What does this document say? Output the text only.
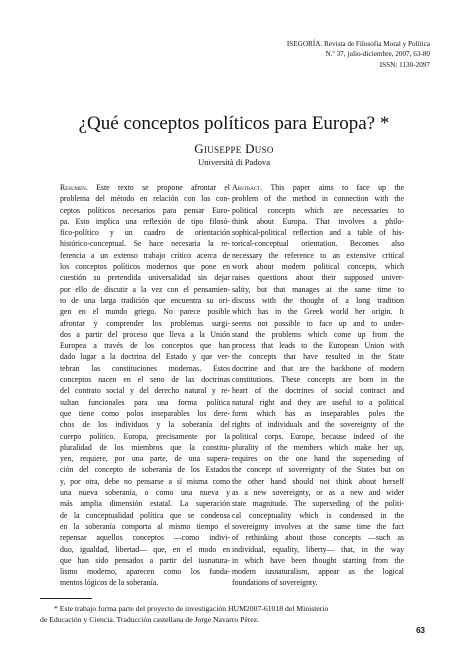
ISEGORÍA. Revista de Filosofía Moral y Política
N.º 37, julio-diciembre, 2007, 63-80
ISSN: 1130-2097
¿Qué conceptos políticos para Europa? *
Giuseppe Duso
Università di Padova
Resumen. Este texto se propone afrontar el
problema del método en relación con los con-
ceptos políticos necesarios para pensar Euro-
pa. Esto implica una reflexión de tipo filosó-
fico-político y un cuadro de orientación
histórico-conceptual. Se hace necesaria la re-
ferencia a un extenso trabajo crítico acerca de
los conceptos políticos modernos que pone en
cuestión su pretendida universalidad sin dejar
por ello de discutir a la vez con el pensamien-
to de una larga tradición que encuentra su ori-
gen en el mundo griego. No parece posible
afrontar y comprender los problemas surgi-
dos a partir del proceso que lleva a la Unión
Europea a través de los conceptos que han
dado lugar a la doctrina del Estado y que ver-
tebran las constituciones modernas. Estos
conceptos nacen en el seno de las doctrinas
del contrato social y del derecho natural y re-
sultan funcionales para una forma política
que tiene como polos inseparables los dere-
chos de los individuos y la soberanía del
cuerpo político. Europa, precisamente por la
pluralidad de los miembros que la constitu-
yen, requiere, por una parte, de una supera-
ción del concepto de soberanía de los Estados
y, por otra, debe no pensarse a sí misma como
una nueva soberanía, o como una nueva y
más amplia dimensión estatal. La superación
de la conceptualidad política que se condensa
en la soberanía comporta al mismo tiempo el
repensar aquellos conceptos —como indivi-
duo, igualdad, libertad— que, en el modo en
que han sido pensados a partir del iusnatura-
lismo moderno, aparecen como los funda-
mentos lógicos de la soberanía.
Abstract. This paper aims to face up the
problem of the method in connection with the
political concepts which are necessaries to
think about Europa. That involves a philo-
sophical-political reflection and a table of his-
torical-conceptual orientation. Becomes also
necessary the reference to an extensive critical
work about modern political concepts, which
raises questions about their supposed univer-
sality, but that manages at the same time to
discuss with the thought of a long tradition
which has in the Greek world her origin. It
seems not possible to face up and to under-
stand the problems which come up from the
process that leads to the European Union with
the concepts that have resulted in the State
doctrine and that are the backbone of modern
constitutions. These concepts are born in the
heart of the doctrines of social contract and
natural right and they are useful to a political
form which has as inseparables poles the
rights of individuals and the sovereignty of the
political corps. Europe, because indeed of the
plurality of the members which make her up,
requires on the one hand the superseding of
the concept of sovereignty of the States but on
the other hand should not think about herself
as a new sovereignty, or as a new and wider
state magnitude. The superseding of the politi-
cal conceptuality which is condensed in the
sovereignty involves at the same time the fact
of rethinking about those concepts —such as
individual, equality, liberty— that, in the way
in which have been thought starting from the
modern iusnaturalism, appear as the logical
foundations of sovereignty.
* Este trabajo forma parte del proyecto de investigación HUM2007-61018 del Ministerio
de Educación y Ciencia. Traducción castellana de Jorge Navarro Pérez.
63
